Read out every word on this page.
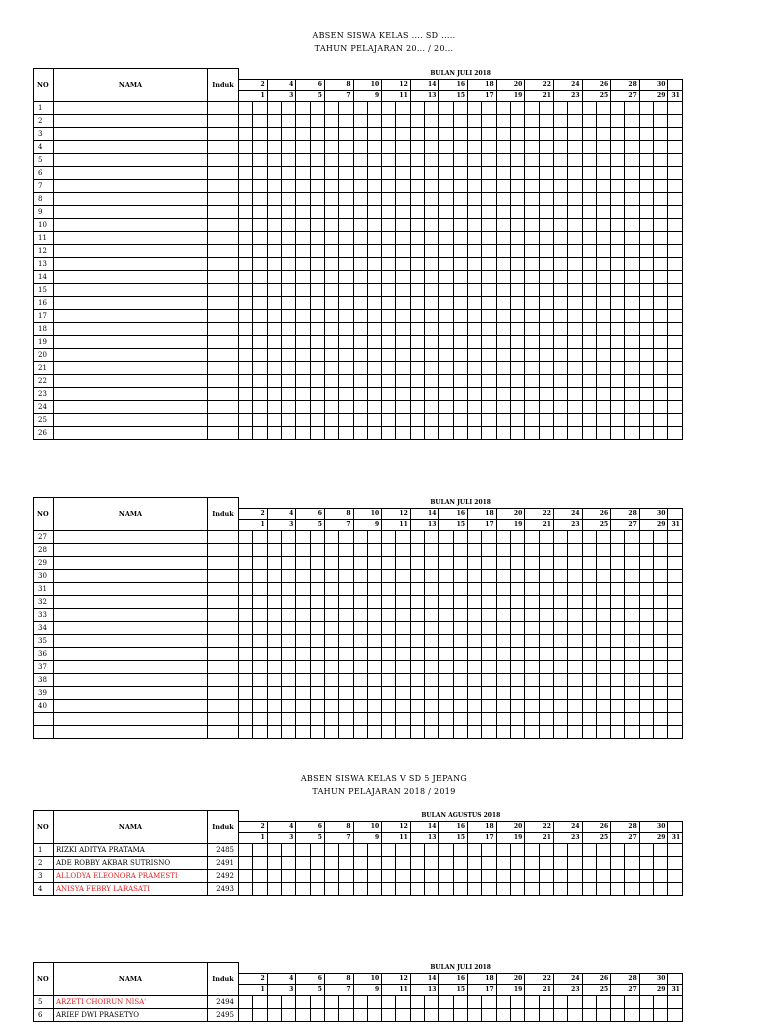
ABSEN SISWA KELAS .... SD .....
TAHUN PELAJARAN 20... / 20...
NO	NAMA	Induk	BULAN JULI 2018																														
			2		4		6		8		10		12		14		16		18		20		22		24		26		28		30		
			1		3		5		7		9		11		13		15		17		19		21		23		25		27		29		31
1																																	
2																																	
3																																	
4																																	
5																																	
6																																	
7																																	
8																																	
9																																	
10																																	
11																																	
12																																	
13																																	
14																																	
15																																	
16																																	
17																																	
18																																	
19																																	
20																																	
21																																	
22																																	
23																																	
24																																	
25																																	
26																																	
NO	NAMA	Induk	BULAN JULI 2018																														
			2		4		6		8		10		12		14		16		18		20		22		24		26		28		30		
			1		3		5		7		9		11		13		15		17		19		21		23		25		27		29		31
27																																	
28																																	
29																																	
30																																	
31																																	
32																																	
33																																	
34																																	
35																																	
36																																	
37																																	
38																																	
39																																	
40																																	

ABSEN SISWA KELAS V SD 5 JEPANG
TAHUN PELAJARAN 2018 / 2019
NO	NAMA	Induk	BULAN AGUSTUS 2018																														
			2		4		6		8		10		12		14		16		18		20		22		24		26		28		30		
			1		3		5		7		9		11		13		15		17		19		21		23		25		27		29		31
1	RIZKI ADITYA PRATAMA	2485																															
2	ADE ROBBY AKBAR SUTRISNO	2491																															
3	ALLODYA ELEONORA PRAMESTI	2492																															
4	ANISYA FEBRY LARASATI	2493																															
NO	NAMA	Induk	BULAN JULI 2018																														
			2		4		6		8		10		12		14		16		18		20		22		24		26		28		30		
			1		3		5		7		9		11		13		15		17		19		21		23		25		27		29		31
5	ARZETI CHOIRUN NISA'	2494																															
6	ARIEF DWI PRASETYO	2495																															
